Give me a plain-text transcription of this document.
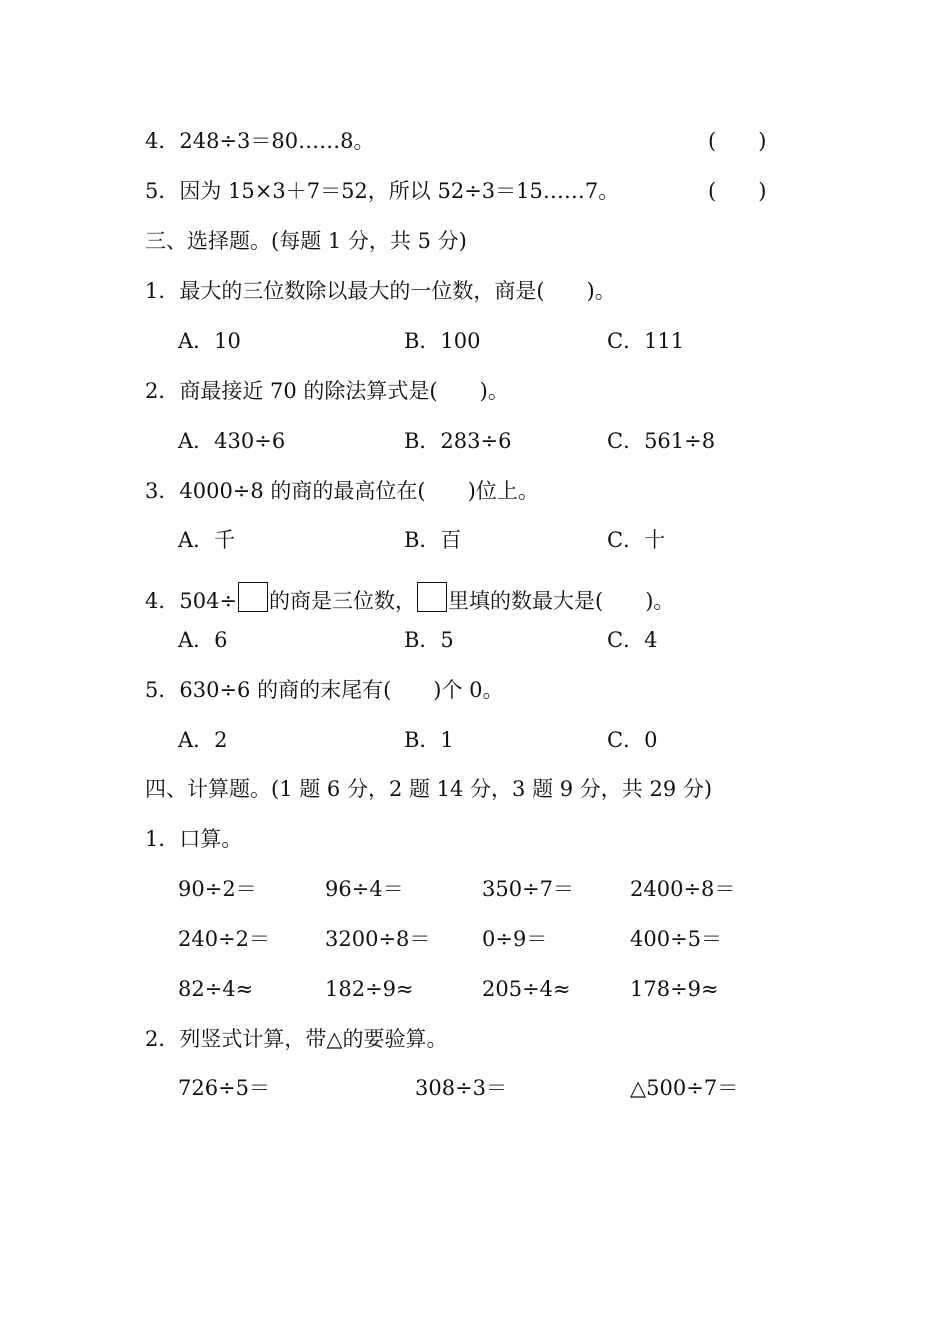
4．248÷3＝80……8。	(　　)
5．因为 15×3＋7＝52，所以 52÷3＝15……7。	(　　)
三、选择题。(每题 1 分，共 5 分)
1．最大的三位数除以最大的一位数，商是(　　)。
A．10	B．100	C．111
2．商最接近 70 的除法算式是(　　)。
A．430÷6	B．283÷6	C．561÷8
3．4000÷8 的商的最高位在(　　)位上。
A．千	B．百	C．十
4．504÷ 的商是三位数， 里填的数最大是(　　)。
A．6	B．5	C．4
5．630÷6 的商的末尾有(　　)个 0。
A．2	B．1	C．0
四、计算题。(1 题 6 分，2 题 14 分，3 题 9 分，共 29 分)
1．口算。
90÷2＝	96÷4＝	350÷7＝	2400÷8＝
240÷2＝	3200÷8＝ 0÷9＝	400÷5＝
82÷4≈	182÷9≈	205÷4≈	178÷9≈
2．列竖式计算，带△的要验算。
726÷5＝	308÷3＝	△500÷7＝
